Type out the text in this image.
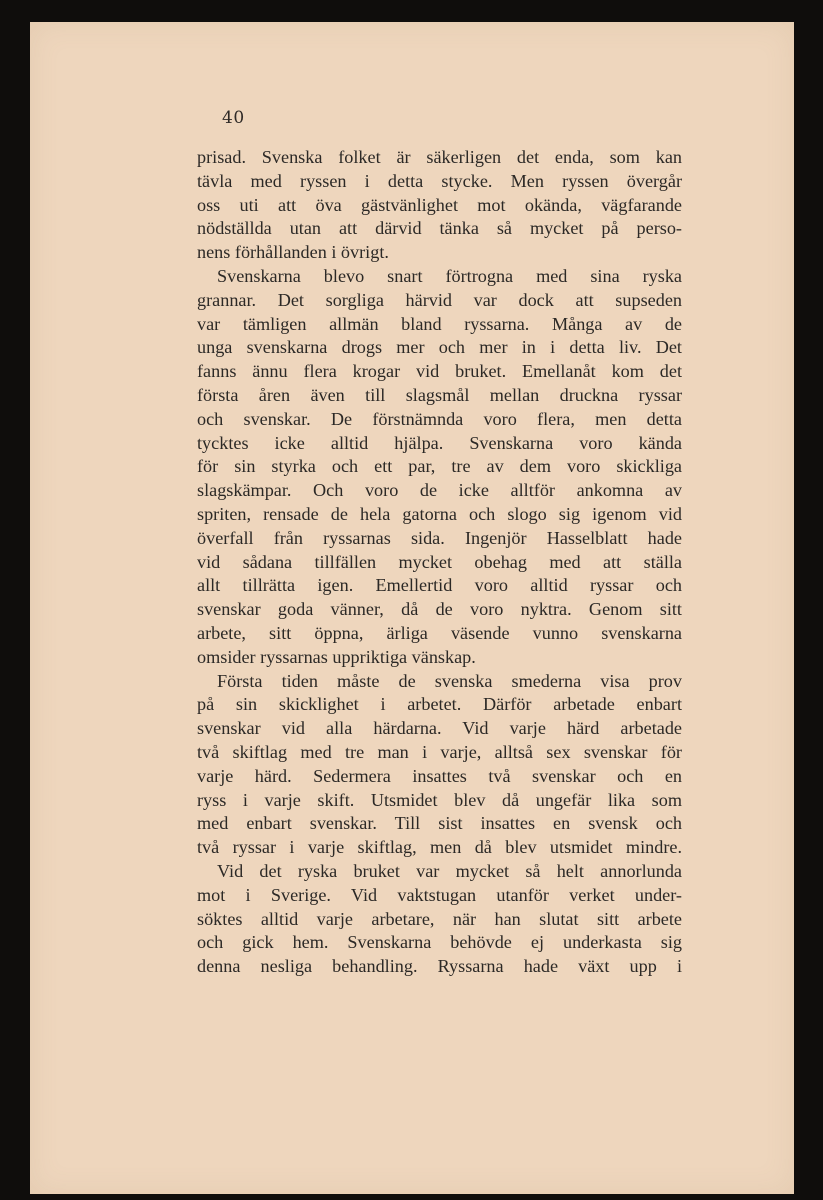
40
prisad. Svenska folket är säkerligen det enda, som kan
tävla med ryssen i detta stycke. Men ryssen övergår
oss uti att öva gästvänlighet mot okända, vägfarande
nödställda utan att därvid tänka så mycket på perso-
nens förhållanden i övrigt.
Svenskarna blevo snart förtrogna med sina ryska
grannar. Det sorgliga härvid var dock att supseden
var tämligen allmän bland ryssarna. Många av de
unga svenskarna drogs mer och mer in i detta liv. Det
fanns ännu flera krogar vid bruket. Emellanåt kom det
första åren även till slagsmål mellan druckna ryssar
och svenskar. De förstnämnda voro flera, men detta
tycktes icke alltid hjälpa. Svenskarna voro kända
för sin styrka och ett par, tre av dem voro skickliga
slagskämpar. Och voro de icke alltför ankomna av
spriten, rensade de hela gatorna och slogo sig igenom vid
överfall från ryssarnas sida. Ingenjör Hasselblatt hade
vid sådana tillfällen mycket obehag med att ställa
allt tillrätta igen. Emellertid voro alltid ryssar och
svenskar goda vänner, då de voro nyktra. Genom sitt
arbete, sitt öppna, ärliga väsende vunno svenskarna
omsider ryssarnas uppriktiga vänskap.
Första tiden måste de svenska smederna visa prov
på sin skicklighet i arbetet. Därför arbetade enbart
svenskar vid alla härdarna. Vid varje härd arbetade
två skiftlag med tre man i varje, alltså sex svenskar för
varje härd. Sedermera insattes två svenskar och en
ryss i varje skift. Utsmidet blev då ungefär lika som
med enbart svenskar. Till sist insattes en svensk och
två ryssar i varje skiftlag, men då blev utsmidet mindre.
Vid det ryska bruket var mycket så helt annorlunda
mot i Sverige. Vid vaktstugan utanför verket under-
söktes alltid varje arbetare, när han slutat sitt arbete
och gick hem. Svenskarna behövde ej underkasta sig
denna nesliga behandling. Ryssarna hade växt upp i
